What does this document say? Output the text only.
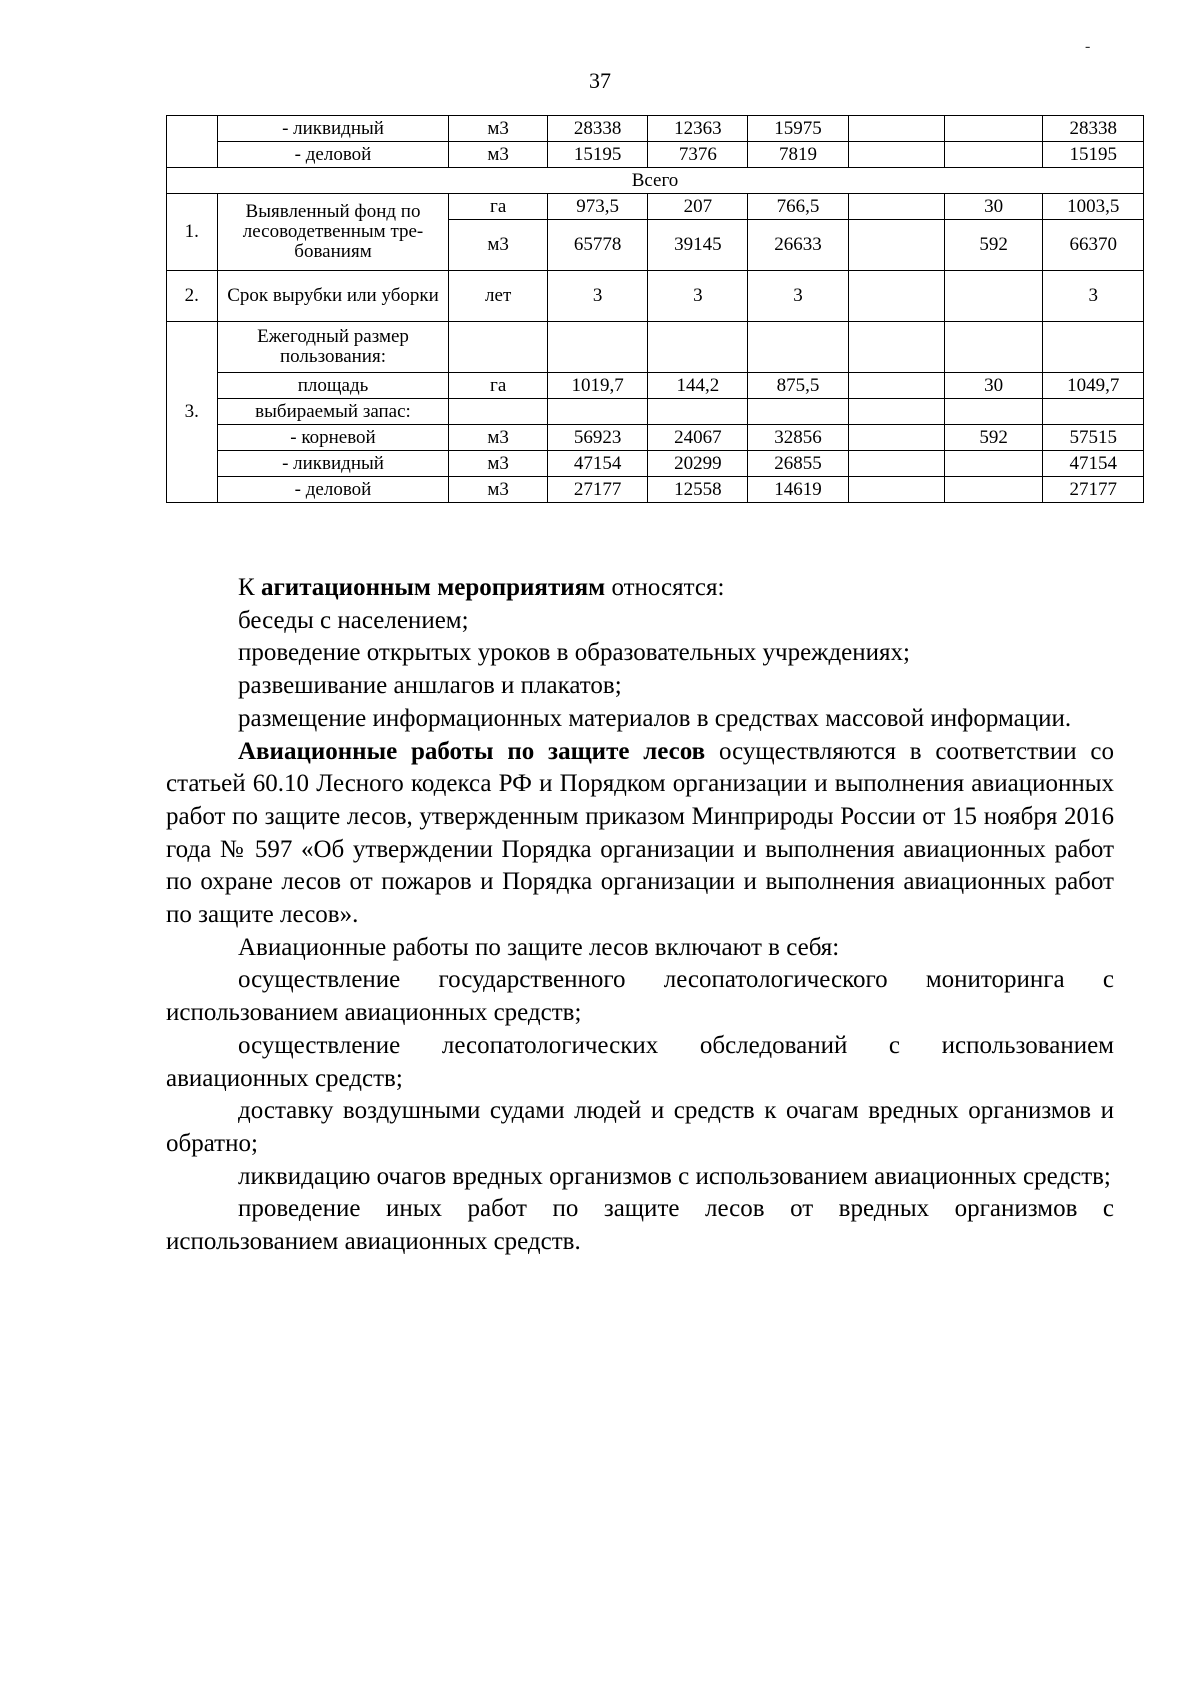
37
-
	- ликвидный	м3	28338	12363	15975			28338
	- деловой	м3	15195	7376	7819			15195
Всего								
1.	Выявленный фонд по лесоводетвенным тре-бованиям	га	973,5	207	766,5		30	1003,5
		м3	65778	39145	26633		592	66370
2.	Срок вырубки или уборки	лет	3	3	3			3
3.	Ежегодный размер пользования:							
	площадь	га	1019,7	144,2	875,5		30	1049,7
	выбираемый запас:							
	- корневой	м3	56923	24067	32856		592	57515
	- ликвидный	м3	47154	20299	26855			47154
	- деловой	м3	27177	12558	14619			27177

К агитационным мероприятиям относятся:

беседы с населением;

проведение открытых уроков в образовательных учреждениях;

развешивание аншлагов и плакатов;

размещение информационных материалов в средствах массовой информации.

Авиационные работы по защите лесов осуществляются в соответствии со статьей 60.10 Лесного кодекса РФ и Порядком организации и выполнения авиационных работ по защите лесов, утвержденным приказом Минприроды России от 15 ноября 2016 года № 597 «Об утверждении Порядка организации и выполнения авиационных работ по охране лесов от пожаров и Порядка организации и выполнения авиационных работ по защите лесов».

Авиационные работы по защите лесов включают в себя:

осуществление государственного лесопатологического мониторинга с использованием авиационных средств;

осуществление лесопатологических обследований с использованием авиационных средств;

доставку воздушными судами людей и средств к очагам вредных организмов и обратно;

ликвидацию очагов вредных организмов с использованием авиационных средств;

проведение иных работ по защите лесов от вредных организмов с использованием авиационных средств.
